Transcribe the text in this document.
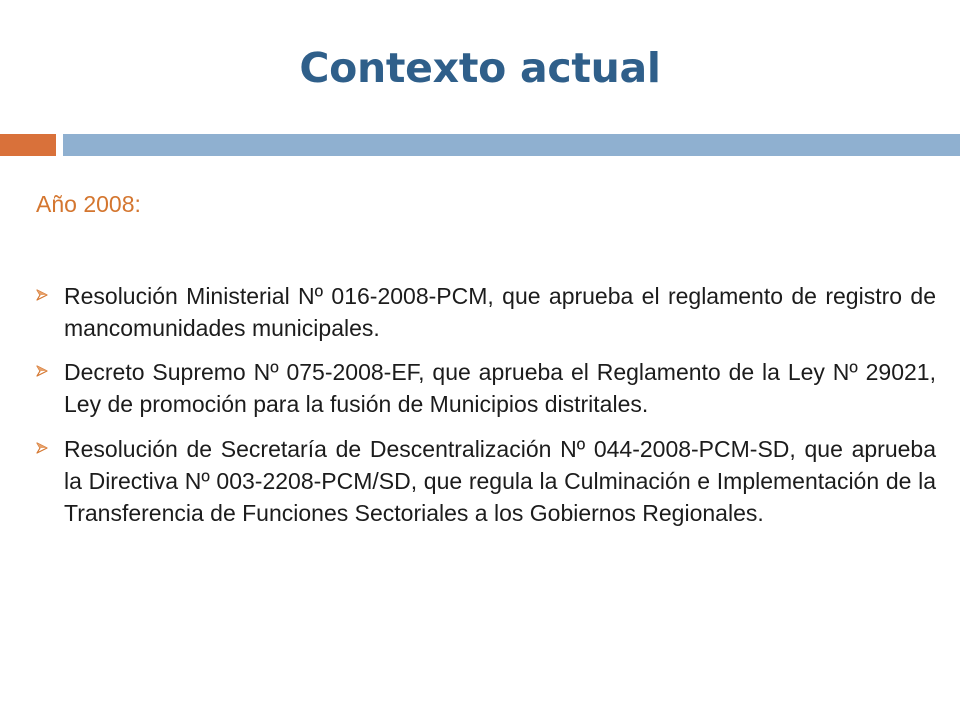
Contexto actual
Año 2008:
Resolución Ministerial Nº 016-2008-PCM, que aprueba el reglamento de registro de mancomunidades municipales.
Decreto Supremo Nº 075-2008-EF, que aprueba el Reglamento de la Ley Nº 29021, Ley de promoción para la fusión de Municipios distritales.
Resolución de Secretaría de Descentralización Nº 044-2008-PCM-SD, que aprueba la Directiva Nº 003-2208-PCM/SD, que regula la Culminación e Implementación de la Transferencia de Funciones Sectoriales a los Gobiernos Regionales.
